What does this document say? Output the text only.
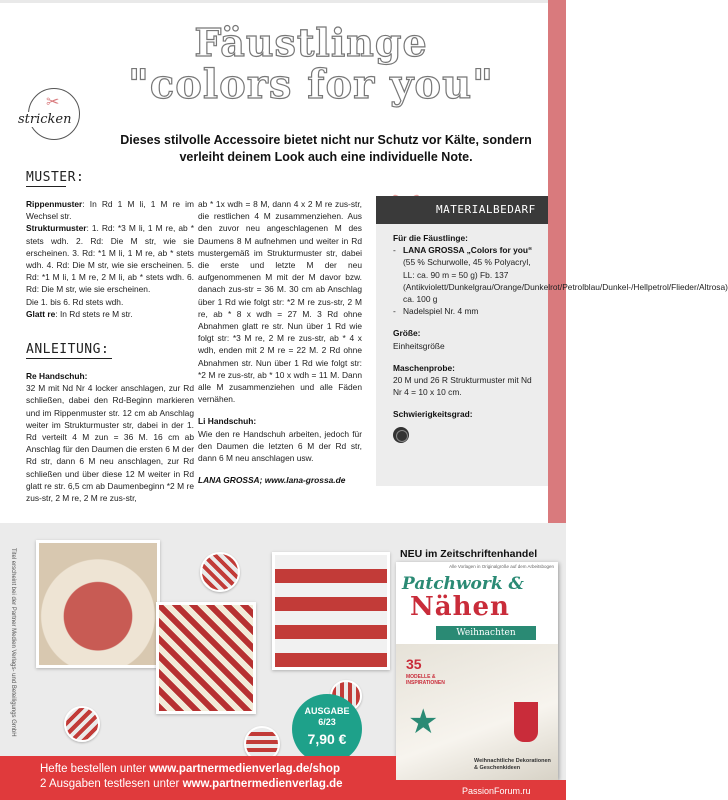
Fäustlinge
"colors for you"
✂
stricken

Dieses stilvolle Accessoire bietet nicht nur Schutz vor Kälte, sondern verleiht deinem Look auch eine individuelle Note.

MUSTER:

Rippenmuster: In Rd 1 M li, 1 M re im Wechsel str.

Strukturmuster: 1. Rd: *3 M li, 1 M re, ab * stets wdh. 2. Rd: Die M str, wie sie erscheinen. 3. Rd: *1 M li, 1 M re, ab * stets wdh. 4. Rd: Die M str, wie sie erscheinen. 5. Rd: *1 M li, 1 M re, 2 M li, ab * stets wdh. 6. Rd: Die M str, wie sie erscheinen.

Die 1. bis 6. Rd stets wdh.

Glatt re: In Rd stets re M str.

ANLEITUNG:

Re Handschuh:

32 M mit Nd Nr 4 locker anschlagen, zur Rd schließen, dabei den Rd-Beginn markieren und im Rippenmuster str. 12 cm ab Anschlag weiter im Strukturmuster str, dabei in der 1. Rd verteilt 4 M zun = 36 M. 16 cm ab Anschlag für den Daumen die ersten 6 M der Rd str, dann 6 M neu anschlagen, zur Rd schließen und über diese 12 M weiter in Rd glatt re str. 6,5 cm ab Daumenbeginn *2 M re zus-str, 2 M re, 2 M re zus-str,

ab * 1x wdh = 8 M, dann 4 x 2 M re zus-str, die restlichen 4 M zusammenziehen. Aus den zuvor neu angeschlagenen M des Daumens 8 M aufnehmen und weiter in Rd mustergemäß im Strukturmuster str, dabei die erste und letzte M der neu aufgenommenen M mit der M davor bzw. danach zus-str = 36 M. 30 cm ab Anschlag über 1 Rd wie folgt str: *2 M re zus-str, 2 M re, ab * 8 x wdh = 27 M. 3 Rd ohne Abnahmen glatt re str. Nun über 1 Rd wie folgt str: *3 M re, 2 M re zus-str, ab * 4 x wdh, enden mit 2 M re = 22 M. 2 Rd ohne Abnahmen str. Nun über 1 Rd wie folgt str: *2 M re zus-str, ab * 10 x wdh = 11 M. Dann alle M zusammenziehen und alle Fäden vernähen.

Li Handschuh:

Wie den re Handschuh arbeiten, jedoch für den Daumen die letzten 6 M der Rd str, dann 6 M neu anschlagen usw.

LANA GROSSA; www.lana-grossa.de

MATERIALBEDARF

Für die Fäustlinge:

- LANA GROSSA „Colors for you“ (55 % Schurwolle, 45 % Polyacryl, LL: ca. 90 m = 50 g) Fb. 137 (Antikviolett/Dunkelgrau/Orange/Dunkelrot/Petrolblau/Dunkel-/Hellpetrol/Flieder/Altrosa) ca. 100 g
- Nadelspiel Nr. 4 mm

Größe:

Einheitsgröße

Maschenprobe:

20 M und 26 R Strukturmuster mit Nd Nr 4 = 10 x 10 cm.

Schwierigkeitsgrad:

Titel erscheint bei der Partner Medien Verlags- und Beteiligungs GmbH	AUSGABE
6/23
7,90 €
NEU im Zeitschriftenhandel
Alle Vorlagen in Originalgröße auf dem Arbeitsbogen
Patchwork &
Nähen
Weihnachten
35
MODELLE & INSPIRATIONEN
★
Weihnachtliche Dekorationen & Geschenkideen
Hefte bestellen unter www.partnermedienverlag.de/shop
2 Ausgaben testlesen unter www.partnermedienverlag.de
PassionForum.ru
